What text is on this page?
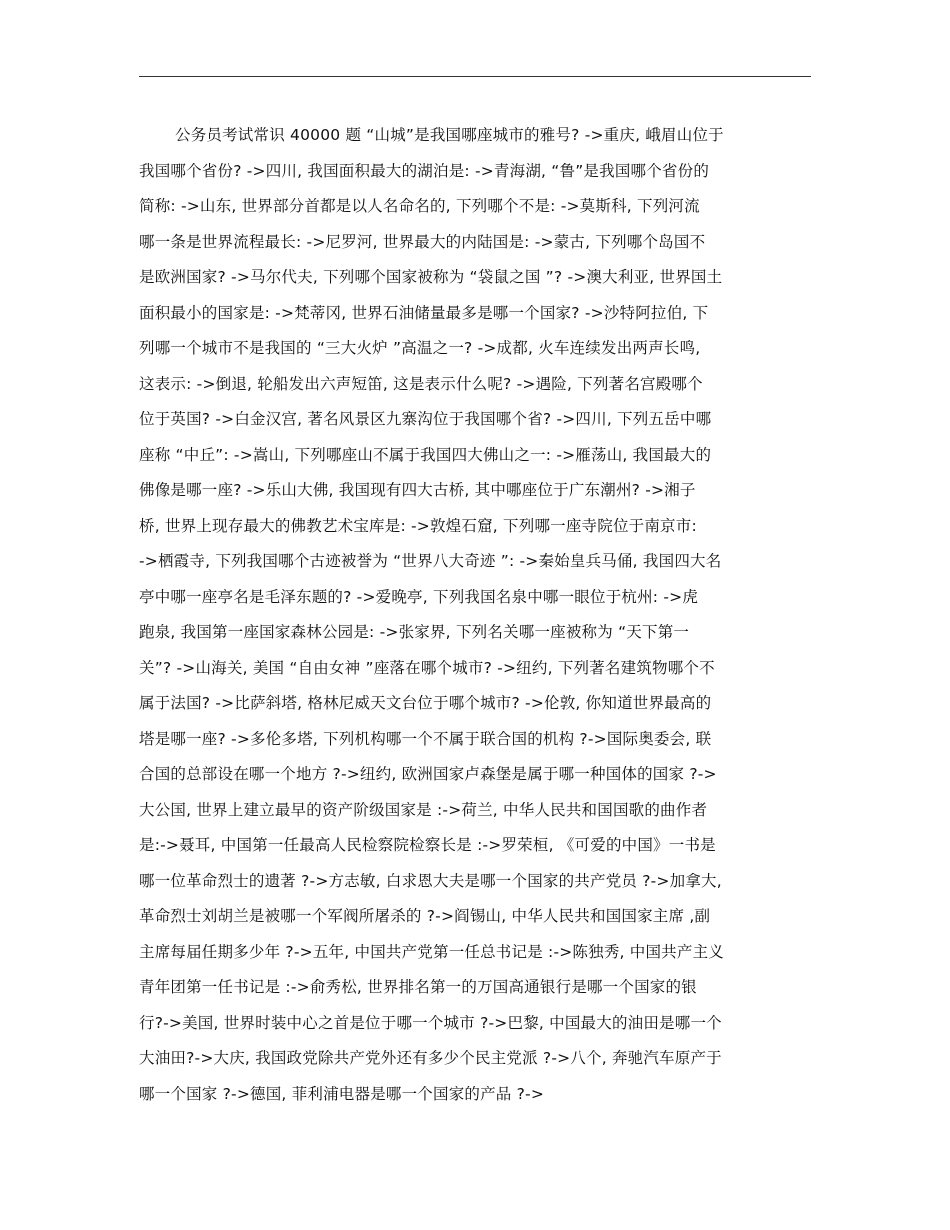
公务员考试常识 40000 题 “山城”是我国哪座城市的雅号? ->重庆, 峨眉山位于
我国哪个省份? ->四川, 我国面积最大的湖泊是: ->青海湖, “鲁”是我国哪个省份的
简称: ->山东, 世界部分首都是以人名命名的, 下列哪个不是: ->莫斯科, 下列河流
哪一条是世界流程最长: ->尼罗河, 世界最大的内陆国是: ->蒙古, 下列哪个岛国不
是欧洲国家? ->马尔代夫, 下列哪个国家被称为 “袋鼠之国 ”? ->澳大利亚, 世界国土
面积最小的国家是: ->梵蒂冈, 世界石油储量最多是哪一个国家? ->沙特阿拉伯, 下
列哪一个城市不是我国的 “三大火炉 ”高温之一? ->成都, 火车连续发出两声长鸣,
这表示: ->倒退, 轮船发出六声短笛, 这是表示什么呢? ->遇险, 下列著名宫殿哪个
位于英国? ->白金汉宫, 著名风景区九寨沟位于我国哪个省? ->四川, 下列五岳中哪
座称 “中丘”: ->嵩山, 下列哪座山不属于我国四大佛山之一: ->雁荡山, 我国最大的
佛像是哪一座? ->乐山大佛, 我国现有四大古桥, 其中哪座位于广东潮州? ->湘子
桥, 世界上现存最大的佛教艺术宝库是: ->敦煌石窟, 下列哪一座寺院位于南京市:
->栖霞寺, 下列我国哪个古迹被誉为 “世界八大奇迹 ”: ->秦始皇兵马俑, 我国四大名
亭中哪一座亭名是毛泽东题的? ->爱晚亭, 下列我国名泉中哪一眼位于杭州: ->虎
跑泉, 我国第一座国家森林公园是: ->张家界, 下列名关哪一座被称为 “天下第一
关”? ->山海关, 美国 “自由女神 ”座落在哪个城市? ->纽约, 下列著名建筑物哪个不
属于法国? ->比萨斜塔, 格林尼威天文台位于哪个城市? ->伦敦, 你知道世界最高的
塔是哪一座? ->多伦多塔, 下列机构哪一个不属于联合国的机构 ?->国际奥委会, 联
合国的总部设在哪一个地方 ?->纽约, 欧洲国家卢森堡是属于哪一种国体的国家 ?->
大公国, 世界上建立最早的资产阶级国家是 :->荷兰, 中华人民共和国国歌的曲作者
是:->聂耳, 中国第一任最高人民检察院检察长是 :->罗荣桓, 《可爱的中国》一书是
哪一位革命烈士的遗著 ?->方志敏, 白求恩大夫是哪一个国家的共产党员 ?->加拿大,
革命烈士刘胡兰是被哪一个军阀所屠杀的 ?->阎锡山, 中华人民共和国国家主席 ,副
主席每届任期多少年 ?->五年, 中国共产党第一任总书记是 :->陈独秀, 中国共产主义
青年团第一任书记是 :->俞秀松, 世界排名第一的万国高通银行是哪一个国家的银
行?->美国, 世界时装中心之首是位于哪一个城市 ?->巴黎, 中国最大的油田是哪一个
大油田?->大庆, 我国政党除共产党外还有多少个民主党派 ?->八个, 奔驰汽车原产于
哪一个国家 ?->德国, 菲利浦电器是哪一个国家的产品 ?->
